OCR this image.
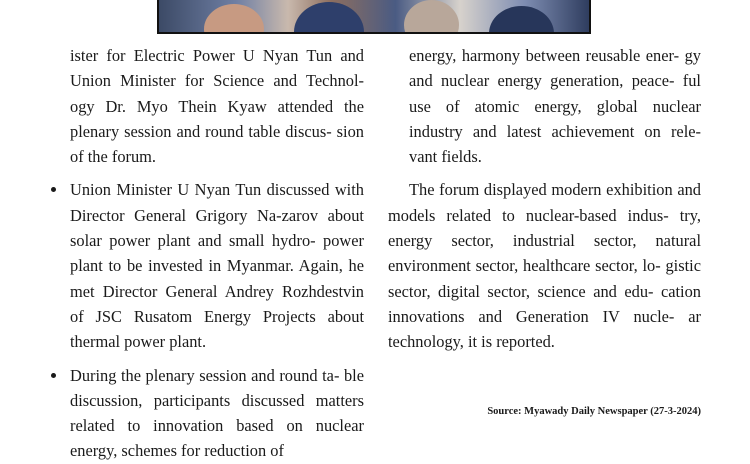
ister for Electric Power U Nyan Tun and Union Minister for Science and Technol- ogy Dr. Myo Thein Kyaw attended the plenary session and round table discus- sion of the forum.

Union Minister U Nyan Tun discussed with Director General Grigory Na-zarov about solar power plant and small hydro- power plant to be invested in Myanmar. Again, he met Director General Andrey Rozhdestvin of JSC Rusatom Energy Projects about thermal power plant.

During the plenary session and round ta- ble discussion, participants discussed matters related to innovation based on nuclear energy, schemes for reduction of

energy, harmony between reusable ener- gy and nuclear energy generation, peace- ful use of atomic energy, global nuclear industry and latest achievement on rele- vant fields.

The forum displayed modern exhibition and models related to nuclear-based indus- try, energy sector, industrial sector, natural environment sector, healthcare sector, lo- gistic sector, digital sector, science and edu- cation innovations and Generation IV nucle- ar technology, it is reported.

Source: Myawady Daily Newspaper (27-3-2024)
